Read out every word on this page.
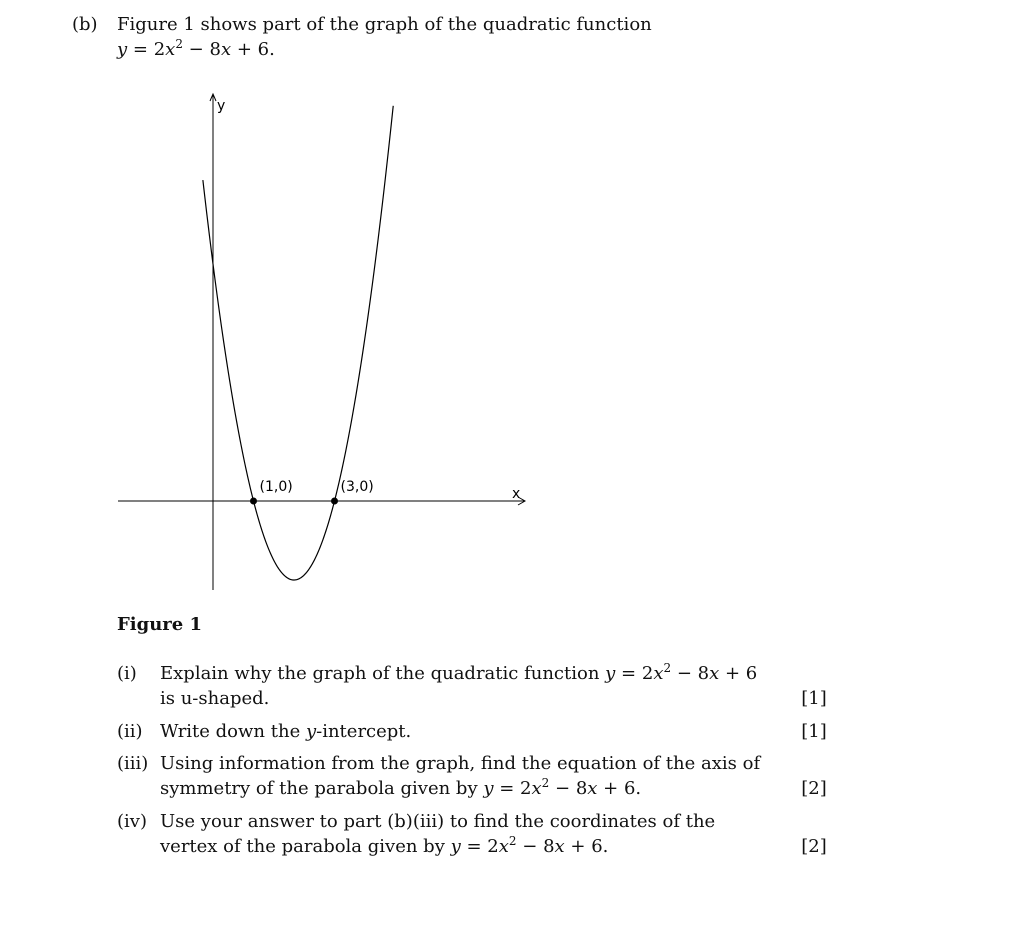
(b) Figure 1 shows part of the graph of the quadratic function

$y = 2x^2 - 8x + 6$.

y
x
(1,0)	(3,0)

Figure 1

(i) Explain why the graph of the quadratic function $y = 2x^2 - 8x + 6$

is u-shaped.	[1]

(ii) Write down the y-intercept.	[1]

(iii) Using information from the graph, find the equation of the axis of

symmetry of the parabola given by $y = 2x^2 - 8x + 6$.	[2]

(iv) Use your answer to part (b)(iii) to find the coordinates of the

vertex of the parabola given by $y = 2x^2 - 8x + 6$.	[2]
